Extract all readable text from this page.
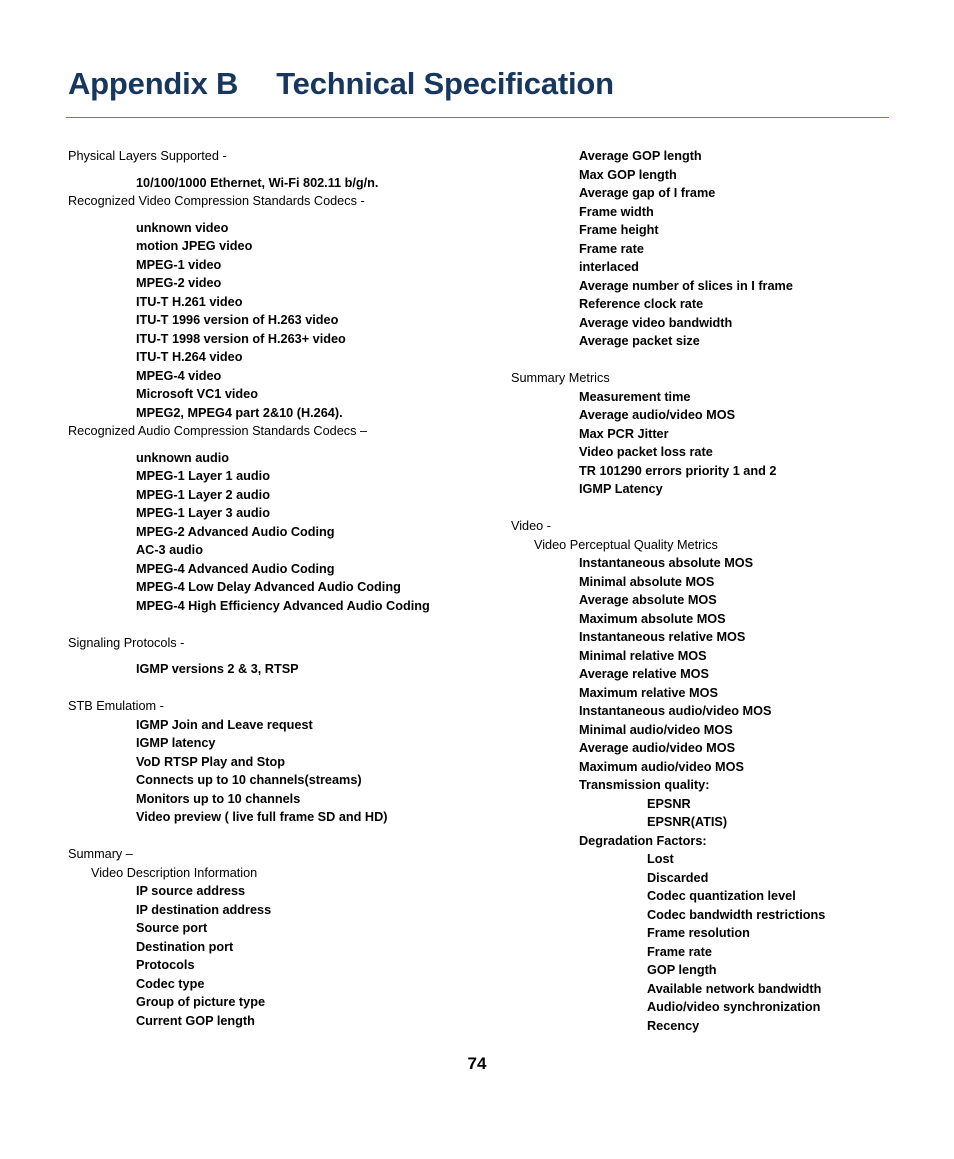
Appendix B Technical Specification
Physical Layers Supported -
10/100/1000 Ethernet, Wi-Fi 802.11 b/g/n.
Recognized Video Compression Standards Codecs -
unknown video
motion JPEG video
MPEG-1 video
MPEG-2 video
ITU-T H.261 video
ITU-T 1996 version of H.263 video
ITU-T 1998 version of H.263+ video
ITU-T H.264 video
MPEG-4 video
Microsoft VC1 video
MPEG2, MPEG4 part 2&10 (H.264).
Recognized Audio Compression Standards Codecs –
unknown audio
MPEG-1 Layer 1 audio
MPEG-1 Layer 2 audio
MPEG-1 Layer 3 audio
MPEG-2 Advanced Audio Coding
AC-3 audio
MPEG-4 Advanced Audio Coding
MPEG-4 Low Delay Advanced Audio Coding
MPEG-4 High Efficiency Advanced Audio Coding
Signaling Protocols -
IGMP versions 2 & 3, RTSP
STB Emulatiom -
IGMP Join and Leave request
IGMP latency
VoD RTSP Play and Stop
Connects up to 10 channels(streams)
Monitors up to 10 channels
Video preview ( live full frame SD and HD)
Summary –
Video Description Information
IP source address
IP destination address
Source port
Destination port
Protocols
Codec type
Group of picture type
Current GOP length
Average GOP length
Max GOP length
Average gap of I frame
Frame width
Frame height
Frame rate
interlaced
Average number of slices in I frame
Reference clock rate
Average video bandwidth
Average packet size
Summary Metrics
Measurement time
Average audio/video MOS
Max PCR Jitter
Video packet loss rate
TR 101290 errors priority 1 and 2
IGMP Latency
Video -
Video Perceptual Quality Metrics
Instantaneous absolute MOS
Minimal absolute MOS
Average absolute MOS
Maximum absolute MOS
Instantaneous relative MOS
Minimal relative MOS
Average relative MOS
Maximum relative MOS
Instantaneous audio/video MOS
Minimal audio/video MOS
Average audio/video MOS
Maximum audio/video MOS
Transmission quality:
EPSNR
EPSNR(ATIS)
Degradation Factors:
Lost
Discarded
Codec quantization level
Codec bandwidth restrictions
Frame resolution
Frame rate
GOP length
Available network bandwidth
Audio/video synchronization
Recency
74
